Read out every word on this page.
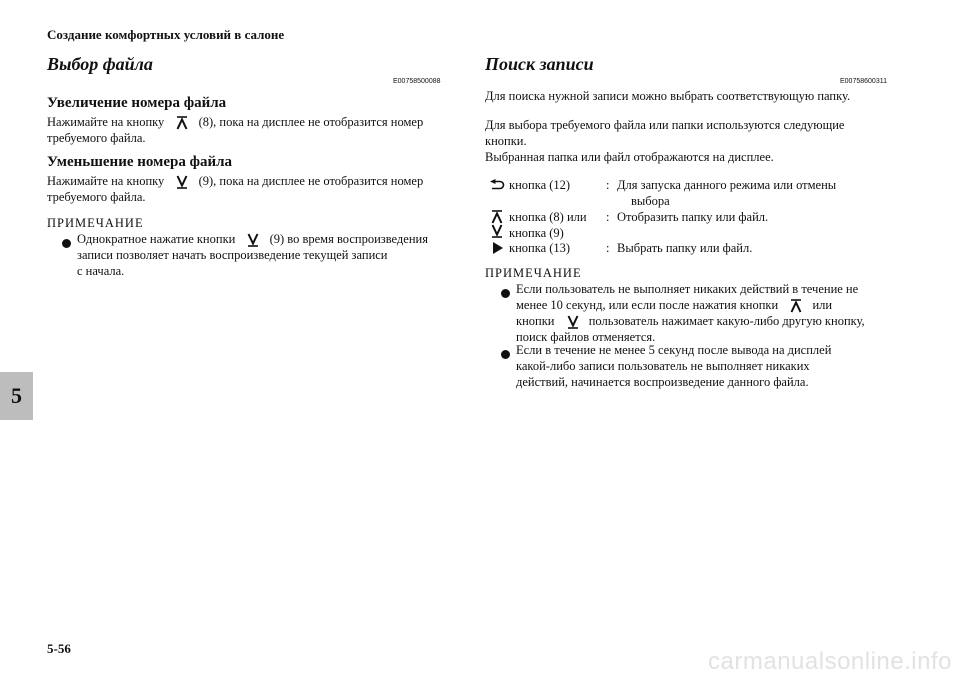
Создание комфортных условий в салоне
5
Выбор файла
E00758500088
Увеличение номера файла
Нажимайте на кнопку	(8), пока на дисплее не отобразится номер
требуемого файла.
Уменьшение номера файла
Нажимайте на кнопку	(9), пока на дисплее не отобразится номер
требуемого файла.
ПРИМЕЧАНИЕ
Однократное нажатие кнопки	(9) во время воспроизведения
записи позволяет начать воспроизведение текущей записи
с начала.
Поиск записи
E00758600311
Для поиска нужной записи можно выбрать соответствующую папку.
Для выбора требуемого файла или папки используются следующие
кнопки.
Выбранная папка или файл отображаются на дисплее.
кнопка (12)	: Для запуска данного режима или отмены
выбора
кнопка (8) или
кнопка (9)
: Отобразить папку или файл.
кнопка (13)	: Выбрать папку или файл.
ПРИМЕЧАНИЕ
Если пользователь не выполняет никаких действий в течение не
менее 10 секунд, или если после нажатия кнопки	или
кнопки	пользователь нажимает какую-либо другую кнопку,
поиск файлов отменяется.
Если в течение не менее 5 секунд после вывода на дисплей
какой-либо записи пользователь не выполняет никаких
действий, начинается воспроизведение данного файла.
5-56	carmanualsonline.info
